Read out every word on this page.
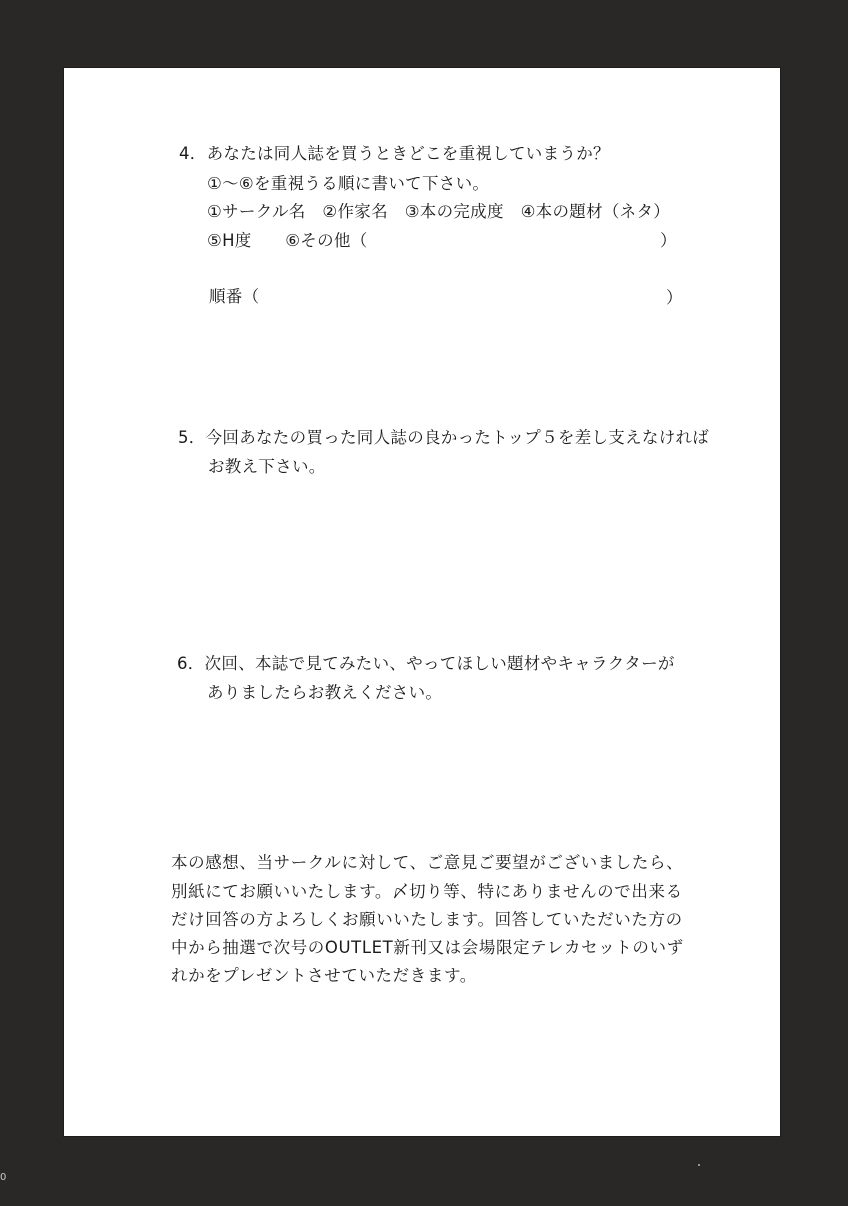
4．あなたは同人誌を買うときどこを重視していまうか？
①～⑥を重視うる順に書いて下さい。
①サークル名　②作家名　③本の完成度　④本の題材（ネタ）
⑤H度　　⑥その他（	）
順番（	）
5．今回あなたの買った同人誌の良かったトップ５を差し支えなければ
お教え下さい。
6．次回、本誌で見てみたい、やってほしい題材やキャラクターが
ありましたらお教えください。
本の感想、当サークルに対して、ご意見ご要望がございましたら、
別紙にてお願いいたします。〆切り等、特にありませんので出来る
だけ回答の方よろしくお願いいたします。回答していただいた方の
中から抽選で次号のOUTLET新刊又は会場限定テレカセットのいず
れかをプレゼントさせていただきます。
0
